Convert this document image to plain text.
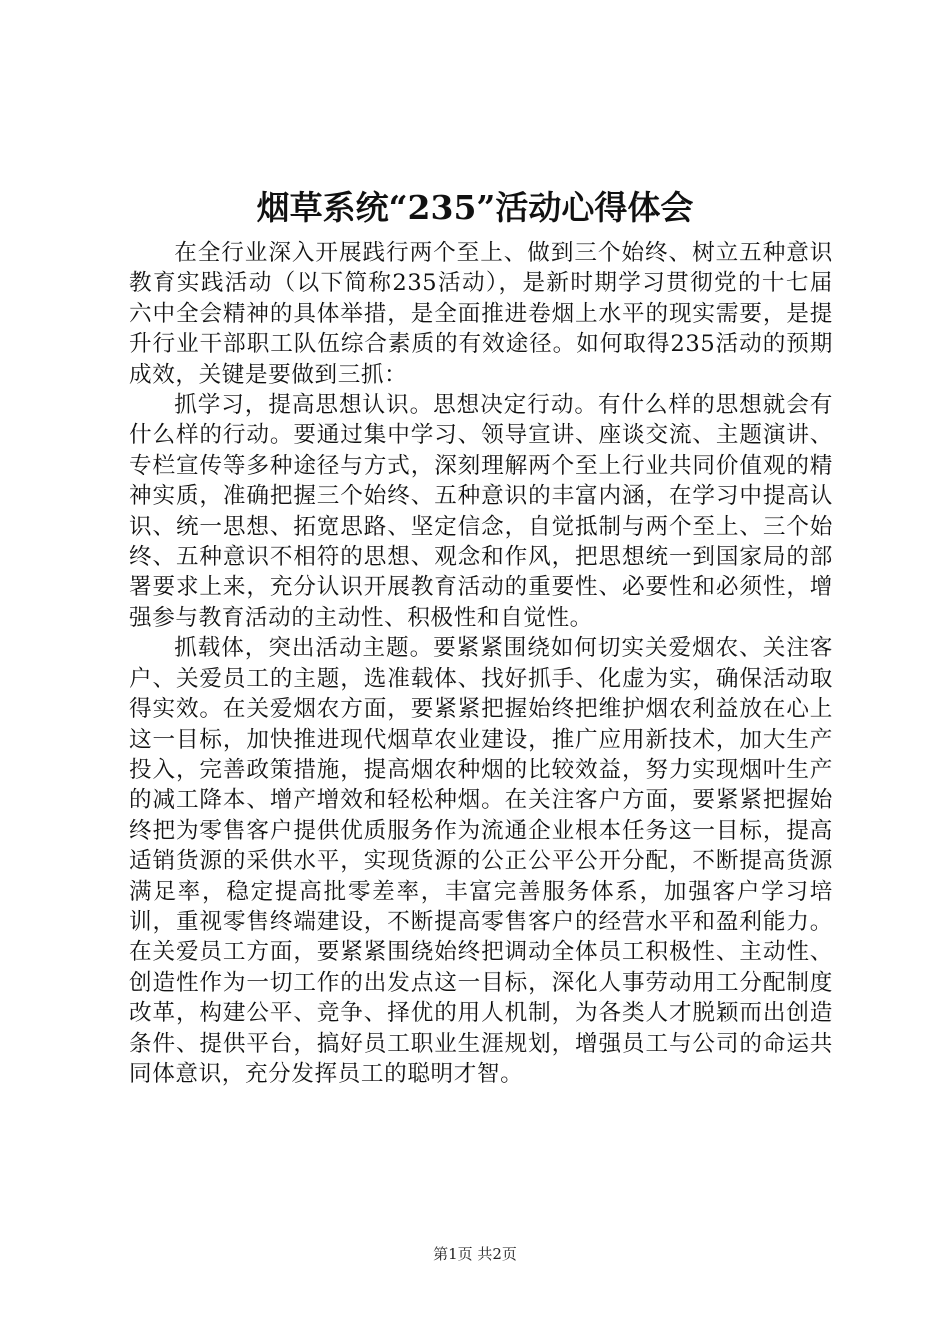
烟草系统“235”活动心得体会

在全行业深入开展践行两个至上、做到三个始终、树立五种意识教育实践活动（以下简称235活动），是新时期学习贯彻党的十七届六中全会精神的具体举措，是全面推进卷烟上水平的现实需要，是提升行业干部职工队伍综合素质的有效途径。如何取得235活动的预期成效，关键是要做到三抓：

抓学习，提高思想认识。思想决定行动。有什么样的思想就会有什么样的行动。要通过集中学习、领导宣讲、座谈交流、主题演讲、专栏宣传等多种途径与方式，深刻理解两个至上行业共同价值观的精神实质，准确把握三个始终、五种意识的丰富内涵，在学习中提高认识、统一思想、拓宽思路、坚定信念，自觉抵制与两个至上、三个始终、五种意识不相符的思想、观念和作风，把思想统一到国家局的部署要求上来，充分认识开展教育活动的重要性、必要性和必须性，增强参与教育活动的主动性、积极性和自觉性。

抓载体，突出活动主题。要紧紧围绕如何切实关爱烟农、关注客户、关爱员工的主题，选准载体、找好抓手、化虚为实，确保活动取得实效。在关爱烟农方面，要紧紧把握始终把维护烟农利益放在心上这一目标，加快推进现代烟草农业建设，推广应用新技术，加大生产投入，完善政策措施，提高烟农种烟的比较效益，努力实现烟叶生产的减工降本、增产增效和轻松种烟。在关注客户方面，要紧紧把握始终把为零售客户提供优质服务作为流通企业根本任务这一目标，提高适销货源的采供水平，实现货源的公正公平公开分配，不断提高货源满足率，稳定提高批零差率，丰富完善服务体系，加强客户学习培训，重视零售终端建设，不断提高零售客户的经营水平和盈利能力。在关爱员工方面，要紧紧围绕始终把调动全体员工积极性、主动性、创造性作为一切工作的出发点这一目标，深化人事劳动用工分配制度改革，构建公平、竞争、择优的用人机制，为各类人才脱颖而出创造条件、提供平台，搞好员工职业生涯规划，增强员工与公司的命运共同体意识，充分发挥员工的聪明才智。

第1页 共2页
